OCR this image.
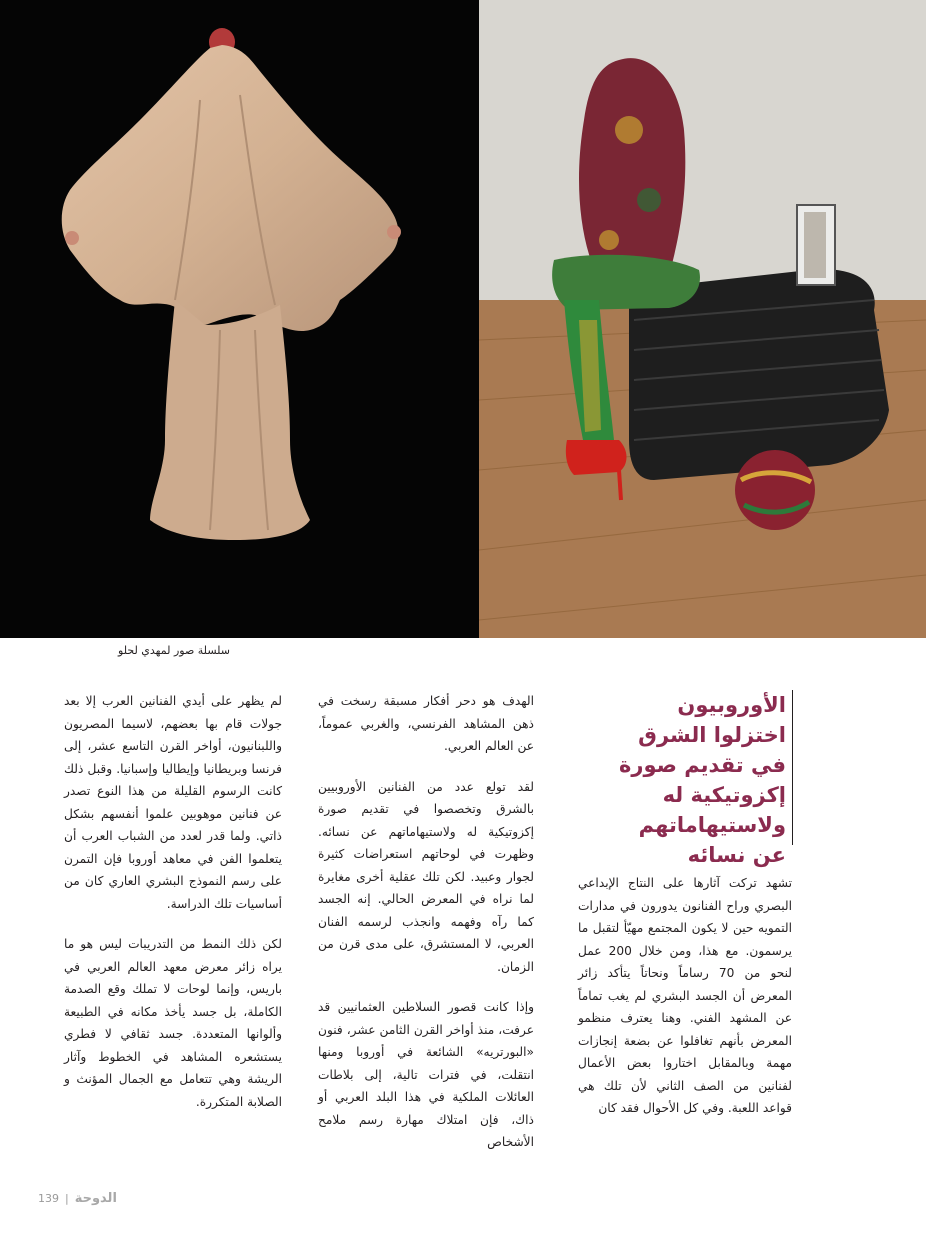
سلسلة صور لمهدي لحلو

الأوروبيون اختزلوا الشرق في تقديم صورة إكزوتيكية له ولاستيهاماتهم عن نسائه

تشهد تركت آثارها على النتاج الإبداعي البصري وراح الفنانون يدورون في مدارات التمويه حين لا يكون المجتمع مهيّأ لتقبل ما يرسمون. مع هذا، ومن خلال 200 عمل لنحو من 70 رساماً ونحاتاً يتأكد زائر المعرض أن الجسد البشري لم يغب تماماً عن المشهد الفني. وهنا يعترف منظمو المعرض بأنهم تغافلوا عن بضعة إنجازات مهمة وبالمقابل اختاروا بعض الأعمال لفنانين من الصف الثاني لأن تلك هي قواعد اللعبة. وفي كل الأحوال فقد كان

الهدف هو دحر أفكار مسبقة رسخت في ذهن المشاهد الفرنسي، والغربي عموماً، عن العالم العربي.

لقد تولع عدد من الفنانين الأوروبيين بالشرق وتخصصوا في تقديم صورة إكزوتيكية له ولاستيهاماتهم عن نسائه. وظهرت في لوحاتهم استعراضات كثيرة لجوار وعبيد. لكن تلك عقلية أخرى مغايرة لما نراه في المعرض الحالي. إنه الجسد كما رآه وفهمه وانجذب لرسمه الفنان العربي، لا المستشرق، على مدى قرن من الزمان.

وإذا كانت قصور السلاطين العثمانيين قد عرفت، منذ أواخر القرن الثامن عشر، فنون «البورتريه» الشائعة في أوروبا ومنها انتقلت، في فترات تالية، إلى بلاطات العائلات الملكية في هذا البلد العربي أو ذاك، فإن امتلاك مهارة رسم ملامح الأشخاص

لم يظهر على أيدي الفنانين العرب إلا بعد جولات قام بها بعضهم، لاسيما المصريون واللبنانيون، أواخر القرن التاسع عشر، إلى فرنسا وبريطانيا وإيطاليا وإسبانيا. وقبل ذلك كانت الرسوم القليلة من هذا النوع تصدر عن فنانين موهوبين علموا أنفسهم بشكل ذاتي. ولما قدر لعدد من الشباب العرب أن يتعلموا الفن في معاهد أوروبا فإن التمرن على رسم النموذج البشري العاري كان من أساسيات تلك الدراسة.

لكن ذلك النمط من التدريبات ليس هو ما يراه زائر معرض معهد العالم العربي في باريس، وإنما لوحات لا تملك وقع الصدمة الكاملة، بل جسد يأخذ مكانه في الطبيعة وألوانها المتعددة. جسد ثقافي لا فطري يستشعره المشاهد في الخطوط وآثار الريشة وهي تتعامل مع الجمال المؤنث و الصلابة المتكررة.

139 | الدوحة
